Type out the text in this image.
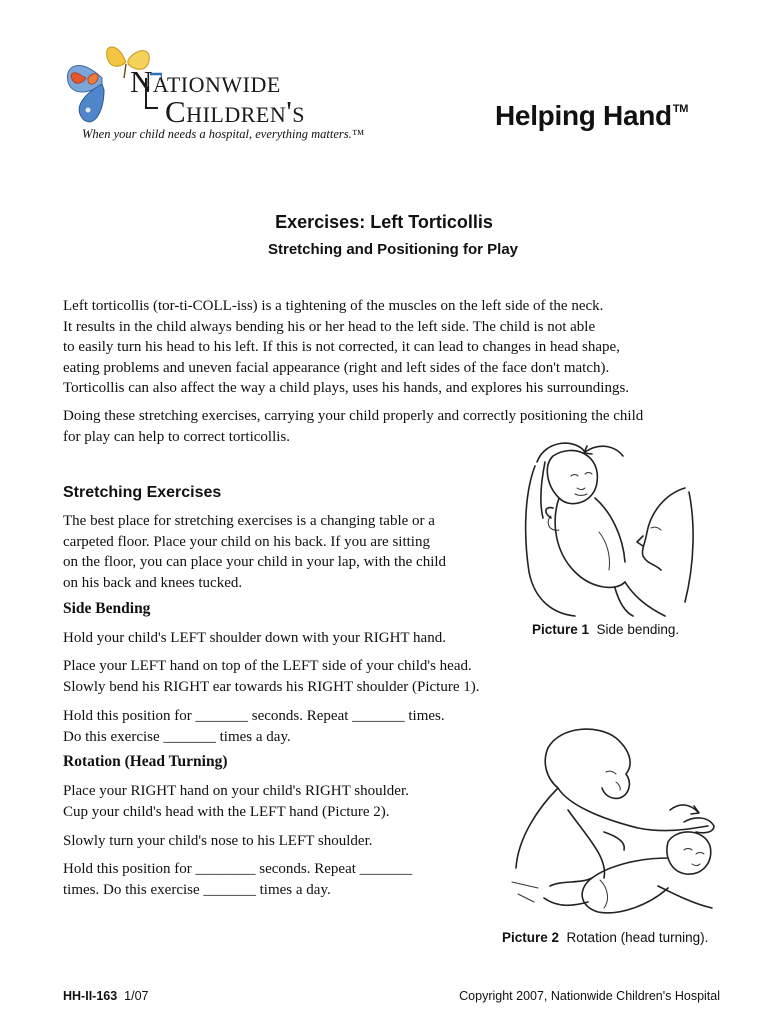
Nationwide
Children's
When your child needs a hospital, everything matters.™
Helping Hand™
Exercises: Left Torticollis
Stretching and Positioning for Play
Left torticollis (tor-ti-COLL-iss) is a tightening of the muscles on the left side of the neck.
It results in the child always bending his or her head to the left side. The child is not able
to easily turn his head to his left. If this is not corrected, it can lead to changes in head shape,
eating problems and uneven facial appearance (right and left sides of the face don't match).
Torticollis can also affect the way a child plays, uses his hands, and explores his surroundings.
Doing these stretching exercises, carrying your child properly and correctly positioning the child
for play can help to correct torticollis.
Stretching Exercises
The best place for stretching exercises is a changing table or a
carpeted floor. Place your child on his back. If you are sitting
on the floor, you can place your child in your lap, with the child
on his back and knees tucked.
Side Bending
Hold your child's LEFT shoulder down with your RIGHT hand.
Place your LEFT hand on top of the LEFT side of your child's head.
Slowly bend his RIGHT ear towards his RIGHT shoulder (Picture 1).
Hold this position for _______ seconds. Repeat _______ times.
Do this exercise _______ times a day.
Rotation (Head Turning)
Place your RIGHT hand on your child's RIGHT shoulder.
Cup your child's head with the LEFT hand (Picture 2).
Slowly turn your child's nose to his LEFT shoulder.
Hold this position for ________ seconds. Repeat _______
times. Do this exercise _______ times a day.
Picture 1 Side bending.
Picture 2 Rotation (head turning).
HH-II-163 1/07	Copyright 2007, Nationwide Children's Hospital
